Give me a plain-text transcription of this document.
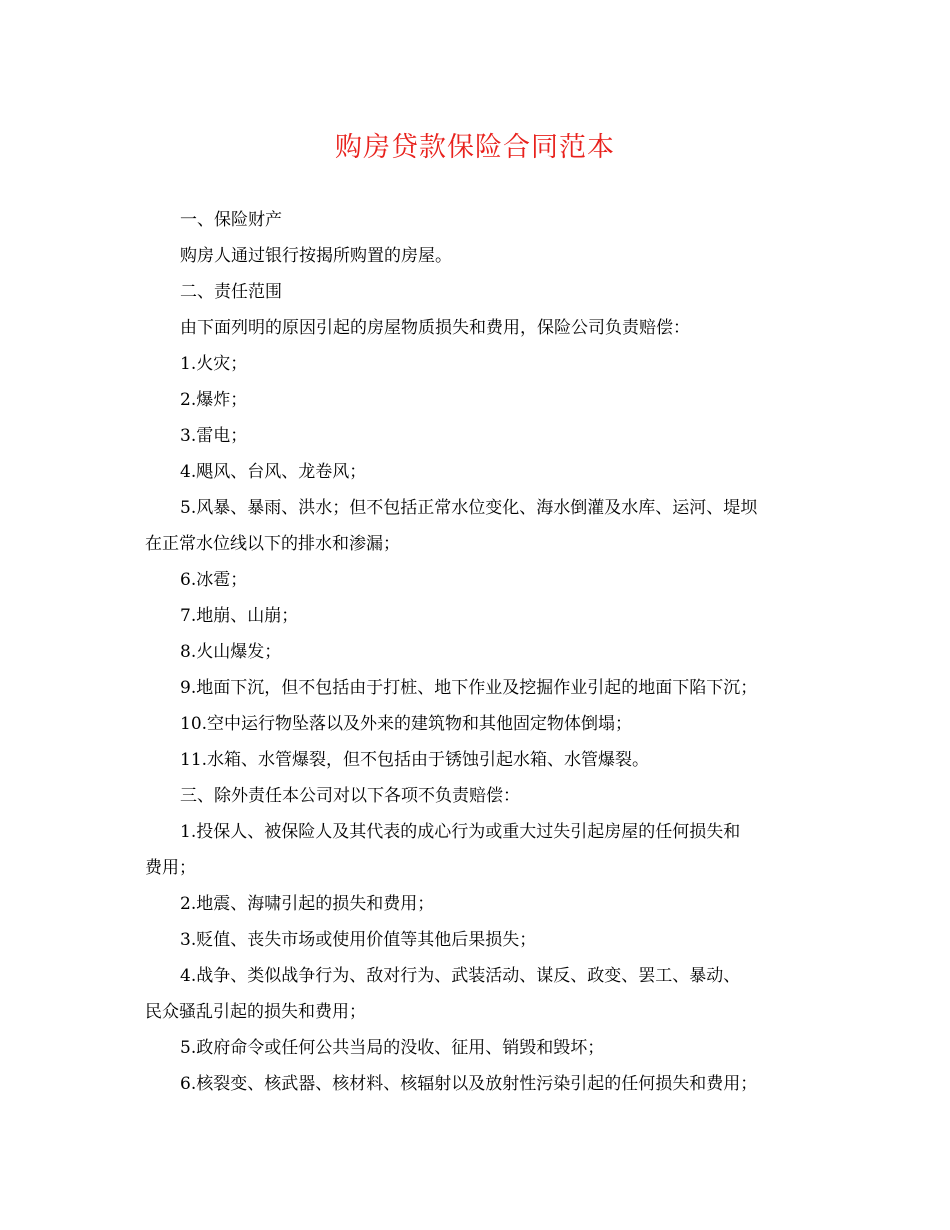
购房贷款保险合同范本
一、保险财产
购房人通过银行按揭所购置的房屋。
二、责任范围
由下面列明的原因引起的房屋物质损失和费用，保险公司负责赔偿：
1.火灾；
2.爆炸；
3.雷电；
4.飓风、台风、龙卷风；
5.风暴、暴雨、洪水；但不包括正常水位变化、海水倒灌及水库、运河、堤坝
在正常水位线以下的排水和渗漏；
6.冰雹；
7.地崩、山崩；
8.火山爆发；
9.地面下沉，但不包括由于打桩、地下作业及挖掘作业引起的地面下陷下沉；
10.空中运行物坠落以及外来的建筑物和其他固定物体倒塌；
11.水箱、水管爆裂，但不包括由于锈蚀引起水箱、水管爆裂。
三、除外责任本公司对以下各项不负责赔偿：
1.投保人、被保险人及其代表的成心行为或重大过失引起房屋的任何损失和
费用；
2.地震、海啸引起的损失和费用；
3.贬值、丧失市场或使用价值等其他后果损失；
4.战争、类似战争行为、敌对行为、武装活动、谋反、政变、罢工、暴动、
民众骚乱引起的损失和费用；
5.政府命令或任何公共当局的没收、征用、销毁和毁坏；
6.核裂变、核武器、核材料、核辐射以及放射性污染引起的任何损失和费用；
